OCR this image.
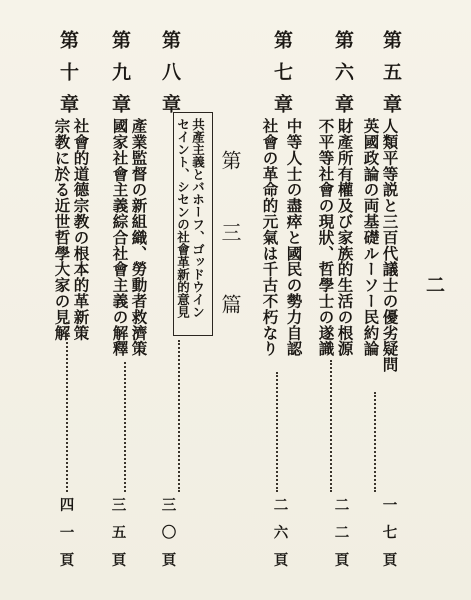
二
第五章
人類平等説と三百代議士の優劣疑問
英國政論の両基礎ルーソー民約論
一七頁
第六章
財產所有權及び家族的生活の根源
不平等社會の現狀、哲學士の遂識
二二頁
第七章
中等人士の盡瘁と國民の勢力自認
社會の革命的元氣は千古不朽なり
二六頁
第 三 篇
第八章
共產主義とバホーフ、ゴッドウイン
セイント、シセンの社會革新的意見
三〇頁
第九章
產業監督の新組織、勞動者救濟策
國家社會主義綜合社會主義の解釋
三五頁
第十章
社會的道德宗教の根本的革新策
宗教に於る近世哲學大家の見解
四一頁
